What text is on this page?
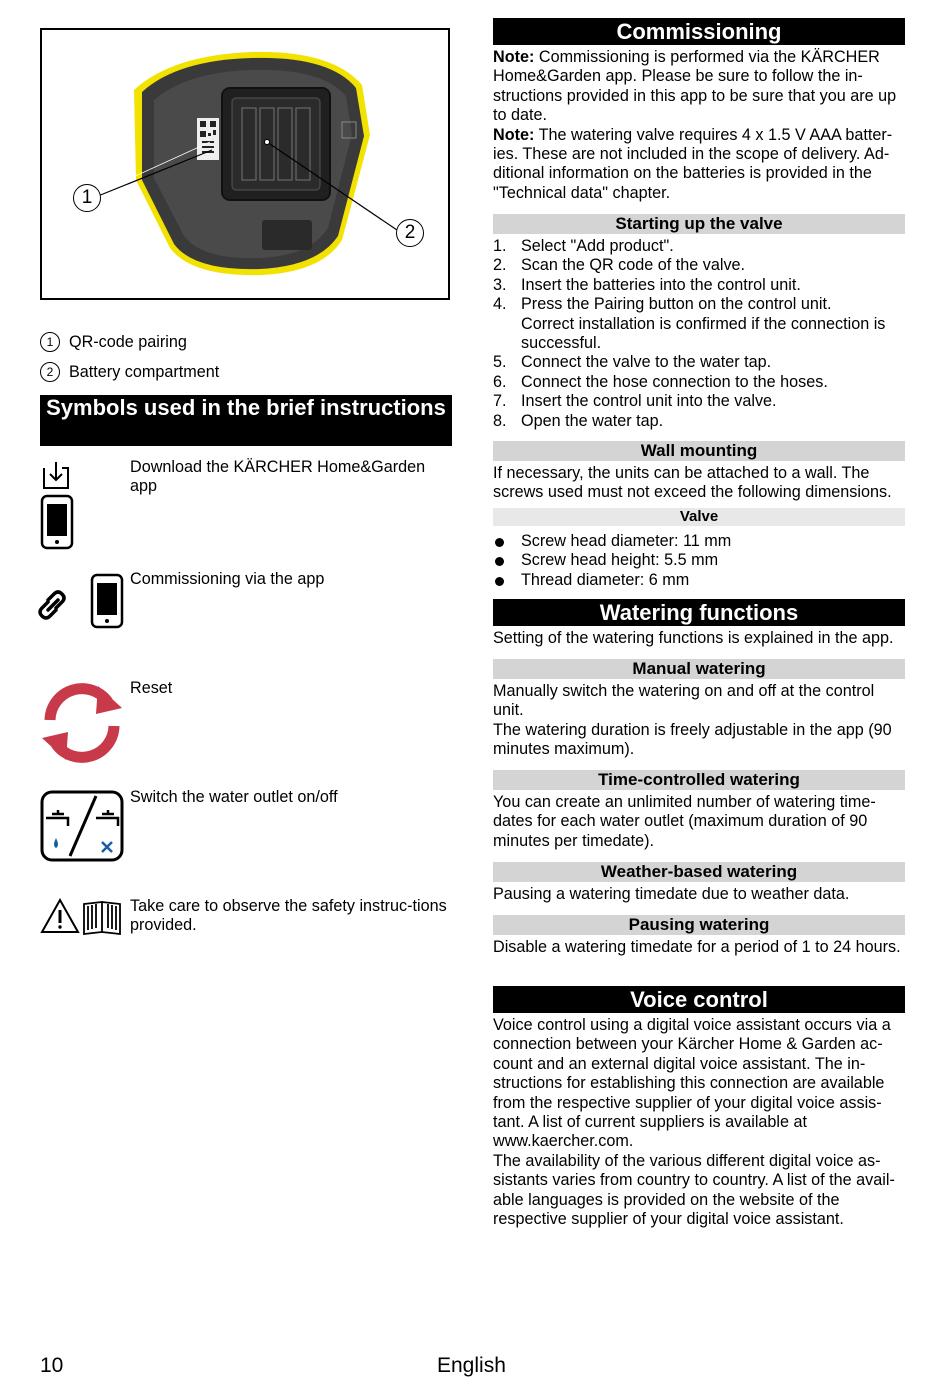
1
2
1 QR-code pairing
2 Battery compartment
Symbols used in the brief instructions
Download the KÄRCHER Home&Garden app
Commissioning via the app
Reset
Switch the water outlet on/off
Take care to observe the safety instruc-tions provided.
Commissioning

Note: Commissioning is performed via the KÄRCHER Home&Garden app. Please be sure to follow the in-structions provided in this app to be sure that you are up to date.

Note: The watering valve requires 4 x 1.5 V AAA batter-ies. These are not included in the scope of delivery. Ad-ditional information on the batteries is provided in the "Technical data" chapter.

Starting up the valve
1. Select "Add product".
2. Scan the QR code of the valve.
3. Insert the batteries into the control unit.
4. Press the Pairing button on the control unit.
Correct installation is confirmed if the connection is successful.
5. Connect the valve to the water tap.
6. Connect the hose connection to the hoses.
7. Insert the control unit into the valve.
8. Open the water tap.
Wall mounting

If necessary, the units can be attached to a wall. The screws used must not exceed the following dimensions.

Valve
Screw head diameter: 11 mm
Screw head height: 5.5 mm
Thread diameter: 6 mm
Watering functions

Setting of the watering functions is explained in the app.

Manual watering

Manually switch the watering on and off at the control unit.

The watering duration is freely adjustable in the app (90 minutes maximum).

Time-controlled watering

You can create an unlimited number of watering time-dates for each water outlet (maximum duration of 90 minutes per timedate).

Weather-based watering

Pausing a watering timedate due to weather data.

Pausing watering

Disable a watering timedate for a period of 1 to 24 hours.

Voice control

Voice control using a digital voice assistant occurs via a connection between your Kärcher Home & Garden ac-count and an external digital voice assistant. The in-structions for establishing this connection are available from the respective supplier of your digital voice assis-tant. A list of current suppliers is available at www.kaercher.com.

The availability of the various different digital voice as-sistants varies from country to country. A list of the avail-able languages is provided on the website of the respective supplier of your digital voice assistant.

10	English
